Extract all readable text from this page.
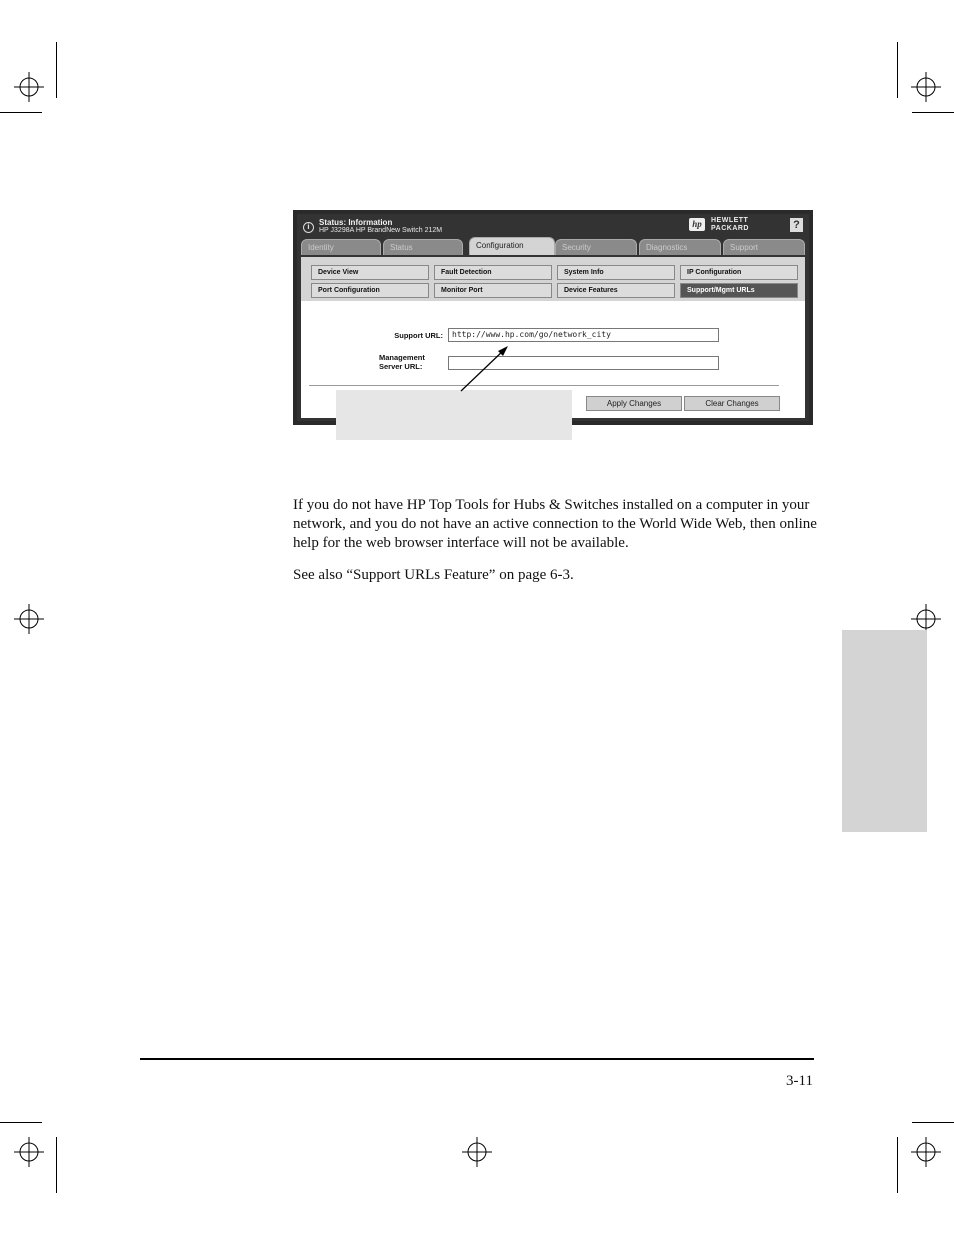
i	Status: Information
HP J3298A HP BrandNew Switch 212M
hp	HEWLETT
PACKARD	?
Identity	Status	Configuration	Security	Diagnostics	Support
Device View	Fault Detection	System Info	IP Configuration
Port Configuration	Monitor Port	Device Features	Support/Mgmt URLs
Support URL:	http://www.hp.com/go/network_city
Management
Server URL:
Apply Changes	Clear Changes

If you do not have HP Top Tools for Hubs & Switches installed on a computer in your network, and you do not have an active connection to the World Wide Web, then online help for the web browser interface will not be available.

See also “Support URLs Feature” on page 6-3.

3-11
